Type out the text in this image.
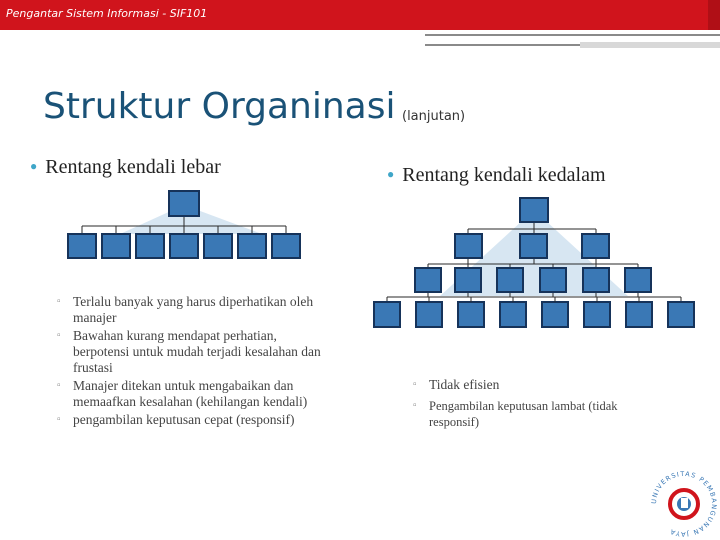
Pengantar Sistem Informasi - SIF101
Struktur Organinasi (lanjutan)
● Rentang kendali lebar	● Rentang kendali kedalam
▫ Terlalu banyak yang harus diperhatikan oleh manajer
▫ Bawahan kurang mendapat perhatian, berpotensi untuk mudah terjadi kesalahan dan frustasi
▫ Manajer ditekan untuk mengabaikan dan memaafkan kesalahan (kehilangan kendali)
▫ pengambilan keputusan cepat (responsif)
▫ Tidak efisien
▫ Pengambilan keputusan lambat (tidak responsif)
UNIVERSITAS PEMBANGUNAN JAYA
